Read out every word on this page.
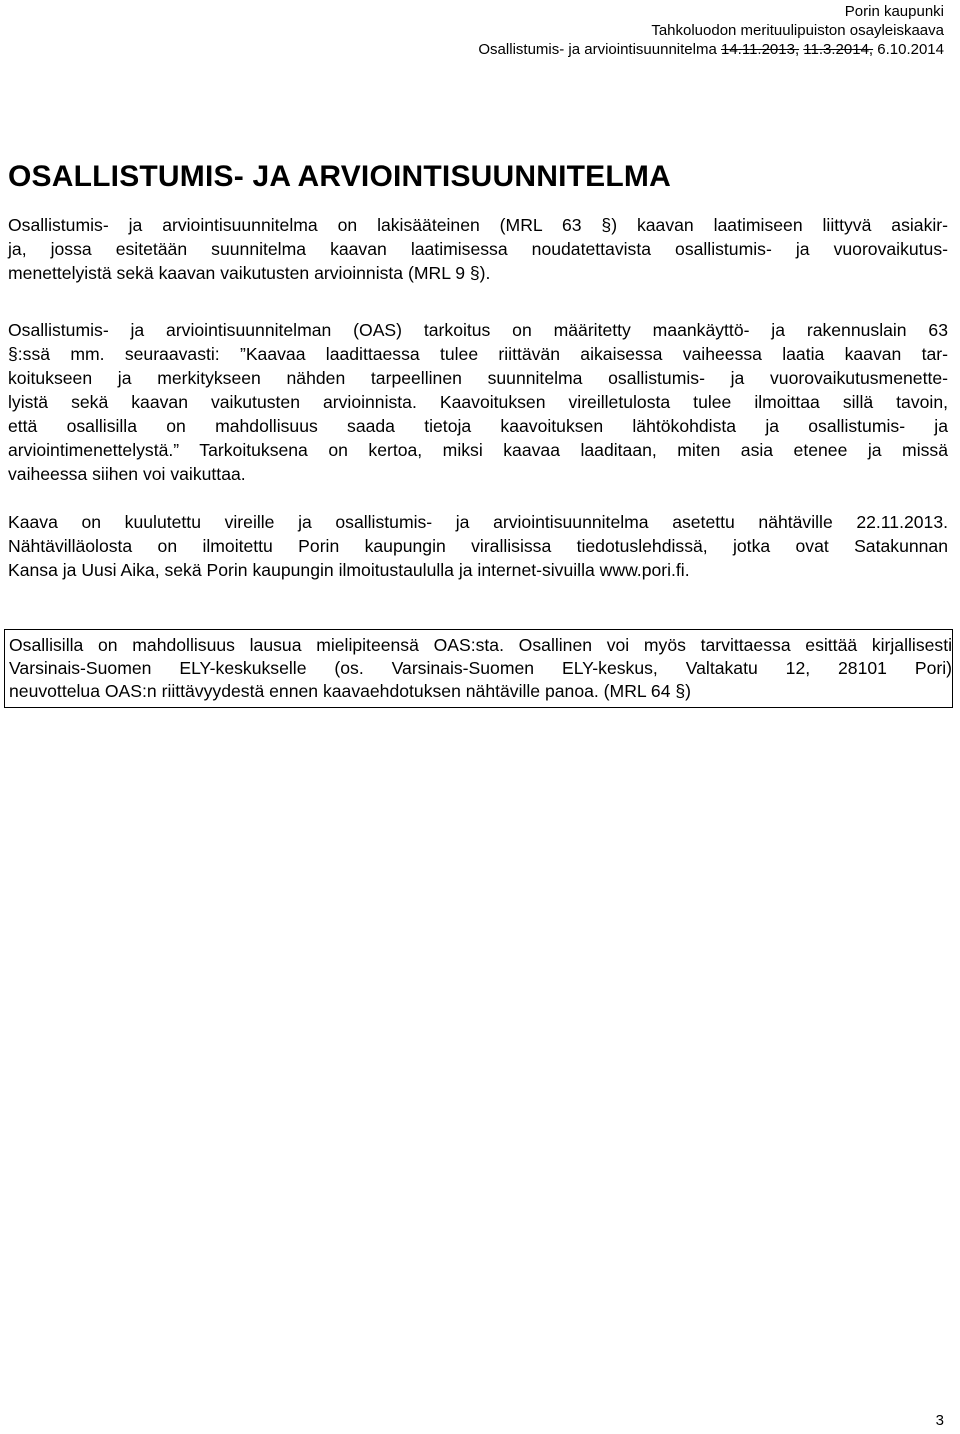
Porin kaupunki
Tahkoluodon merituulipuiston osayleiskaava
Osallistumis- ja arviointisuunnitelma 14.11.2013, 11.3.2014, 6.10.2014
OSALLISTUMIS- JA ARVIOINTISUUNNITELMA
Osallistumis- ja arviointisuunnitelma on lakisääteinen (MRL 63 §) kaavan laatimiseen liittyvä asiakir-
ja, jossa esitetään suunnitelma kaavan laatimisessa noudatettavista osallistumis- ja vuorovaikutus-
menettelyistä sekä kaavan vaikutusten arvioinnista (MRL 9 §).
Osallistumis- ja arviointisuunnitelman (OAS) tarkoitus on määritetty maankäyttö- ja rakennuslain 63
§:ssä mm. seuraavasti: ”Kaavaa laadittaessa tulee riittävän aikaisessa vaiheessa laatia kaavan tar-
koitukseen ja merkitykseen nähden tarpeellinen suunnitelma osallistumis- ja vuorovaikutusmenette-
lyistä sekä kaavan vaikutusten arvioinnista. Kaavoituksen vireilletulosta tulee ilmoittaa sillä tavoin,
että osallisilla on mahdollisuus saada tietoja kaavoituksen lähtökohdista ja osallistumis- ja
arviointimenettelystä.” Tarkoituksena on kertoa, miksi kaavaa laaditaan, miten asia etenee ja missä
vaiheessa siihen voi vaikuttaa.
Kaava on kuulutettu vireille ja osallistumis- ja arviointisuunnitelma asetettu nähtäville 22.11.2013.
Nähtävilläolosta on ilmoitettu Porin kaupungin virallisissa tiedotuslehdissä, jotka ovat Satakunnan
Kansa ja Uusi Aika, sekä Porin kaupungin ilmoitustaululla ja internet-sivuilla www.pori.fi.
Osallisilla on mahdollisuus lausua mielipiteensä OAS:sta. Osallinen voi myös tarvittaessa esittää kirjallisesti
Varsinais-Suomen ELY-keskukselle (os. Varsinais-Suomen ELY-keskus, Valtakatu 12, 28101 Pori)
neuvottelua OAS:n riittävyydestä ennen kaavaehdotuksen nähtäville panoa. (MRL 64 §)
3
